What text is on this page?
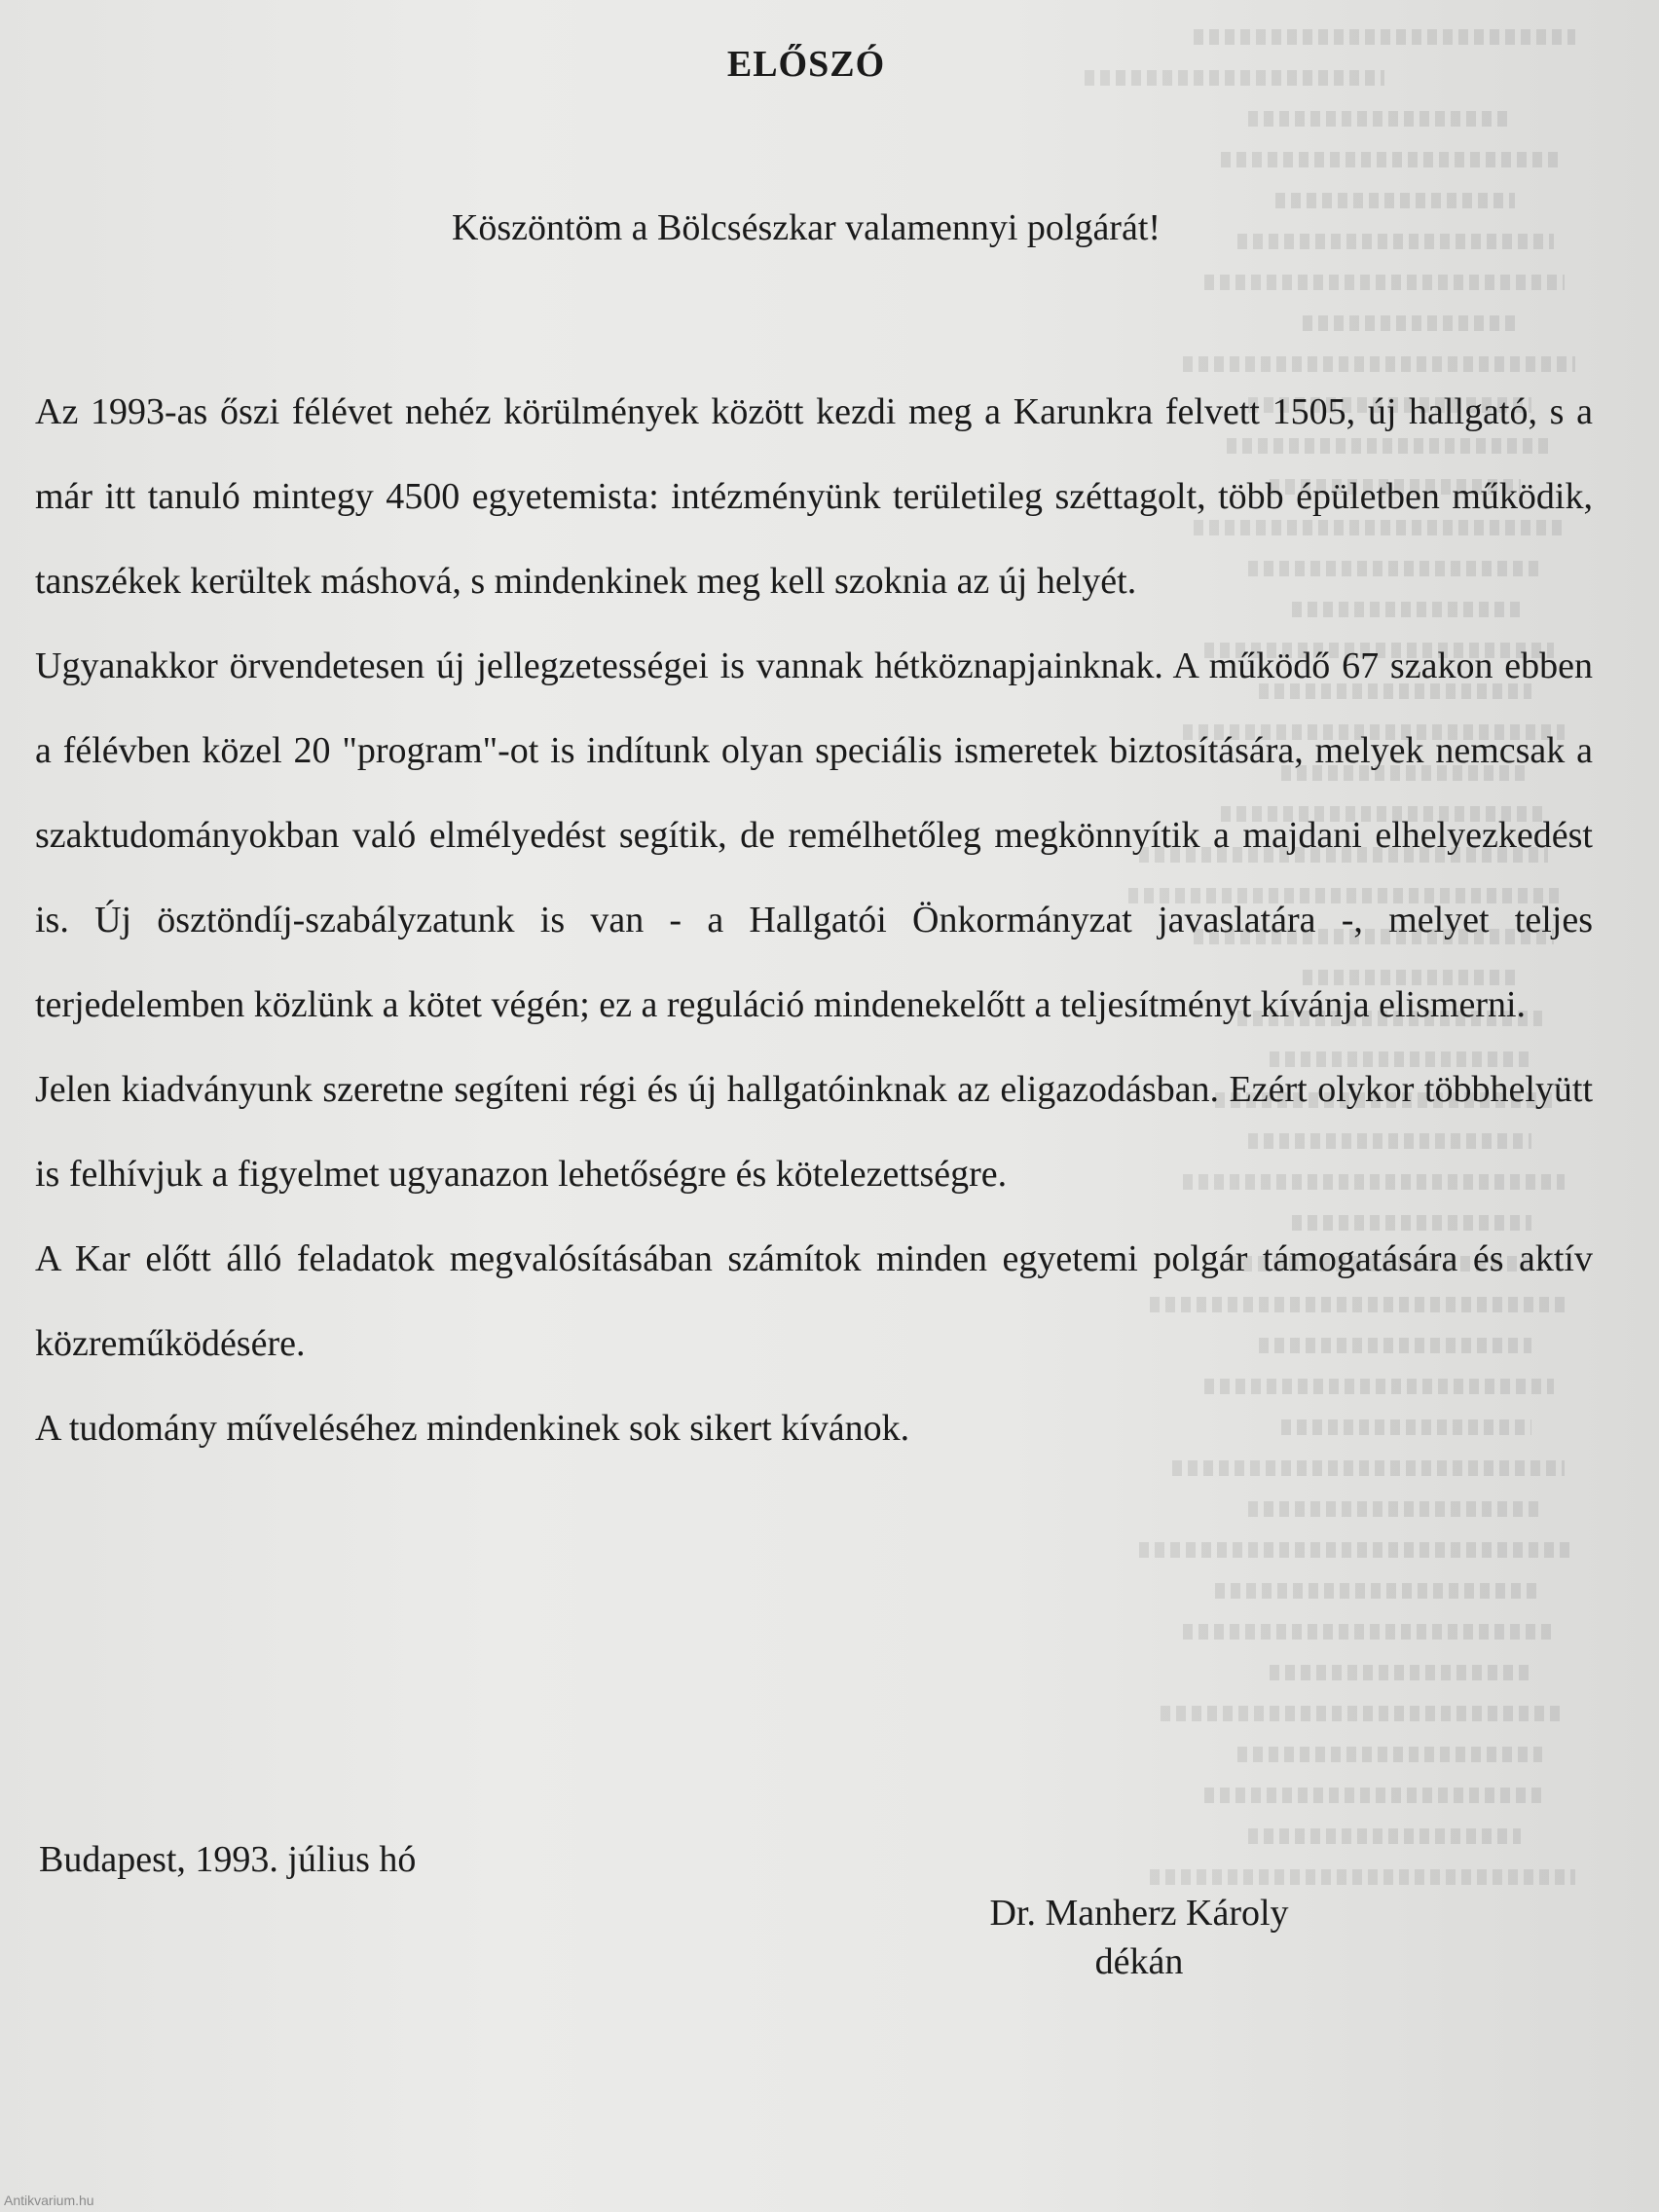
ELŐSZÓ
Köszöntöm a Bölcsészkar valamennyi polgárát!

Az 1993-as őszi félévet nehéz körülmények között kezdi meg a Karunkra felvett 1505, új hallgató, s a már itt tanuló mintegy 4500 egyetemista: intézményünk területileg széttagolt, több épületben működik, tanszékek kerültek máshová, s mindenkinek meg kell szoknia az új helyét.

Ugyanakkor örvendetesen új jellegzetességei is vannak hétköznapjainknak. A működő 67 szakon ebben a félévben közel 20 "program"-ot is indítunk olyan speciális ismeretek biztosítására, melyek nemcsak a szaktudományokban való elmélyedést segítik, de remélhetőleg megkönnyítik a majdani elhelyezkedést is. Új ösztöndíj-szabályzatunk is van - a Hallgatói Önkormányzat javaslatára -, melyet teljes terjedelemben közlünk a kötet végén; ez a reguláció mindenekelőtt a teljesítményt kívánja elismerni.

Jelen kiadványunk szeretne segíteni régi és új hallgatóinknak az eligazodásban. Ezért olykor többhelyütt is felhívjuk a figyelmet ugyanazon lehetőségre és kötelezettségre.

A Kar előtt álló feladatok megvalósításában számítok minden egyetemi polgár támogatására és aktív közreműködésére.

A tudomány műveléséhez mindenkinek sok sikert kívánok.

Budapest, 1993. július hó
Dr. Manherz Károly
dékán
Antikvarium.hu
